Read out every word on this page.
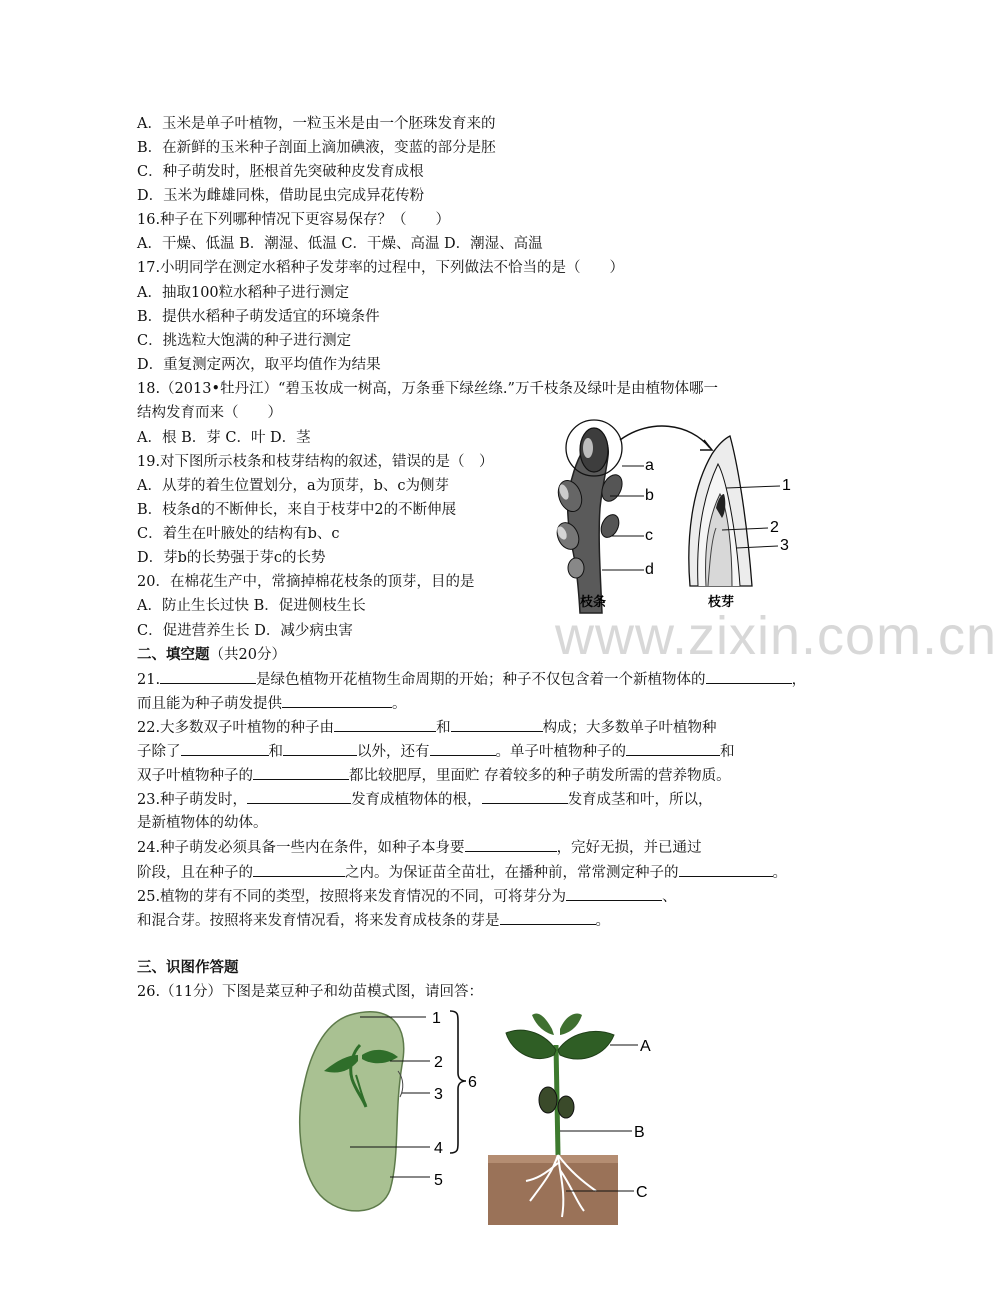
A．玉米是单子叶植物，一粒玉米是由一个胚珠发育来的
B．在新鲜的玉米种子剖面上滴加碘液，变蓝的部分是胚
C．种子萌发时，胚根首先突破种皮发育成根
D．玉米为雌雄同株，借助昆虫完成异花传粉
16.种子在下列哪种情况下更容易保存？（　　）
A．干燥、低温 B．潮湿、低温 C．干燥、高温 D．潮湿、高温
17.小明同学在测定水稻种子发芽率的过程中，下列做法不恰当的是（　　）
A．抽取100粒水稻种子进行测定
B．提供水稻种子萌发适宜的环境条件
C．挑选粒大饱满的种子进行测定
D．重复测定两次，取平均值作为结果
18.（2013•牡丹江）“碧玉妆成一树高，万条垂下绿丝绦.”万千枝条及绿叶是由植物体哪一
结构发育而来（　　）
A．根 B．芽 C．叶 D．茎
19.对下图所示枝条和枝芽结构的叙述，错误的是（　）
A．从芽的着生位置划分，a为顶芽，b、c为侧芽
B．枝条d的不断伸长，来自于枝芽中2的不断伸展
C．着生在叶腋处的结构有b、c
D．芽b的长势强于芽c的长势
20．在棉花生产中，常摘掉棉花枝条的顶芽，目的是
A．防止生长过快 B．促进侧枝生长
C．促进营养生长 D．减少病虫害
a
b
c
d
1
2
3
枝条	枝芽
www.zixin.com.cn
二、填空题（共20分）
21.	是绿色植物开花植物生命周期的开始；种子不仅包含着一个新植物体的	，
而且能为种子萌发提供	。
22.大多数双子叶植物的种子由	和	构成；大多数单子叶植物种
子除了	和	以外，还有	。单子叶植物种子的	和
双子叶植物种子的	都比较肥厚，里面贮 存着较多的种子萌发所需的营养物质。
23.种子萌发时，	发育成植物体的根，	发育成茎和叶，所以，
是新植物体的幼体。
24.种子萌发必须具备一些内在条件，如种子本身要	，完好无损，并已通过
阶段，且在种子的	之内。为保证苗全苗壮，在播种前，常常测定种子的	。
25.植物的芽有不同的类型，按照将来发育情况的不同，可将芽分为	、
和混合芽。按照将来发育情况看，将来发育成枝条的芽是	。
三、识图作答题
26.（11分）下图是菜豆种子和幼苗模式图，请回答：
1
2
3
4
5
6
A
B
C
